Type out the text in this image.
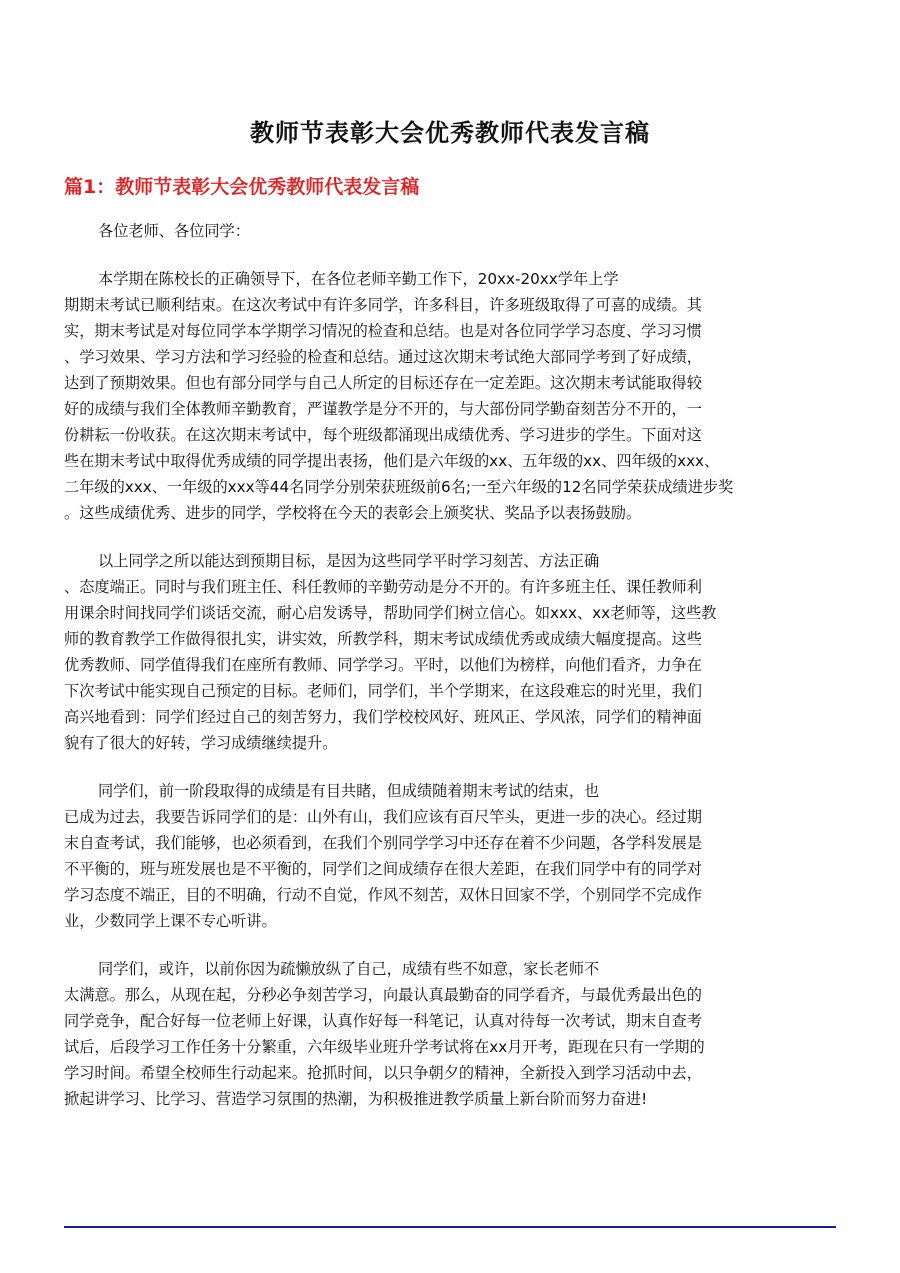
教师节表彰大会优秀教师代表发言稿
篇1：教师节表彰大会优秀教师代表发言稿

各位老师、各位同学：

本学期在陈校长的正确领导下，在各位老师辛勤工作下，20xx-20xx学年上学
期期末考试已顺利结束。在这次考试中有许多同学，许多科目，许多班级取得了可喜的成绩。其
实，期末考试是对每位同学本学期学习情况的检查和总结。也是对各位同学学习态度、学习习惯
、学习效果、学习方法和学习经验的检查和总结。通过这次期末考试绝大部同学考到了好成绩，
达到了预期效果。但也有部分同学与自己人所定的目标还存在一定差距。这次期末考试能取得较
好的成绩与我们全体教师辛勤教育，严谨教学是分不开的，与大部份同学勤奋刻苦分不开的，一
份耕耘一份收获。在这次期末考试中，每个班级都涌现出成绩优秀、学习进步的学生。下面对这
些在期末考试中取得优秀成绩的同学提出表扬，他们是六年级的xx、五年级的xx、四年级的xxx、
二年级的xxx、一年级的xxx等44名同学分别荣获班级前6名;一至六年级的12名同学荣获成绩进步奖
。这些成绩优秀、进步的同学，学校将在今天的表彰会上颁奖状、奖品予以表扬鼓励。

以上同学之所以能达到预期目标，是因为这些同学平时学习刻苦、方法正确
、态度端正。同时与我们班主任、科任教师的辛勤劳动是分不开的。有许多班主任、课任教师利
用课余时间找同学们谈话交流，耐心启发诱导，帮助同学们树立信心。如xxx、xx老师等，这些教
师的教育教学工作做得很扎实，讲实效，所教学科，期末考试成绩优秀或成绩大幅度提高。这些
优秀教师、同学值得我们在座所有教师、同学学习。平时，以他们为榜样，向他们看齐，力争在
下次考试中能实现自己预定的目标。老师们，同学们，半个学期来，在这段难忘的时光里，我们
高兴地看到：同学们经过自己的刻苦努力，我们学校校风好、班风正、学风浓，同学们的精神面
貌有了很大的好转，学习成绩继续提升。

同学们，前一阶段取得的成绩是有目共睹，但成绩随着期末考试的结束，也
已成为过去，我要告诉同学们的是：山外有山，我们应该有百尺竿头，更进一步的决心。经过期
末自查考试，我们能够，也必须看到，在我们个别同学学习中还存在着不少问题，各学科发展是
不平衡的，班与班发展也是不平衡的，同学们之间成绩存在很大差距，在我们同学中有的同学对
学习态度不端正，目的不明确，行动不自觉，作风不刻苦，双休日回家不学，个别同学不完成作
业，少数同学上课不专心听讲。

同学们，或许，以前你因为疏懒放纵了自己，成绩有些不如意，家长老师不
太满意。那么，从现在起，分秒必争刻苦学习，向最认真最勤奋的同学看齐，与最优秀最出色的
同学竞争，配合好每一位老师上好课，认真作好每一科笔记，认真对待每一次考试，期末自查考
试后，后段学习工作任务十分繁重，六年级毕业班升学考试将在xx月开考，距现在只有一学期的
学习时间。希望全校师生行动起来。抢抓时间，以只争朝夕的精神，全新投入到学习活动中去，
掀起讲学习、比学习、营造学习氛围的热潮，为积极推进教学质量上新台阶而努力奋进!
